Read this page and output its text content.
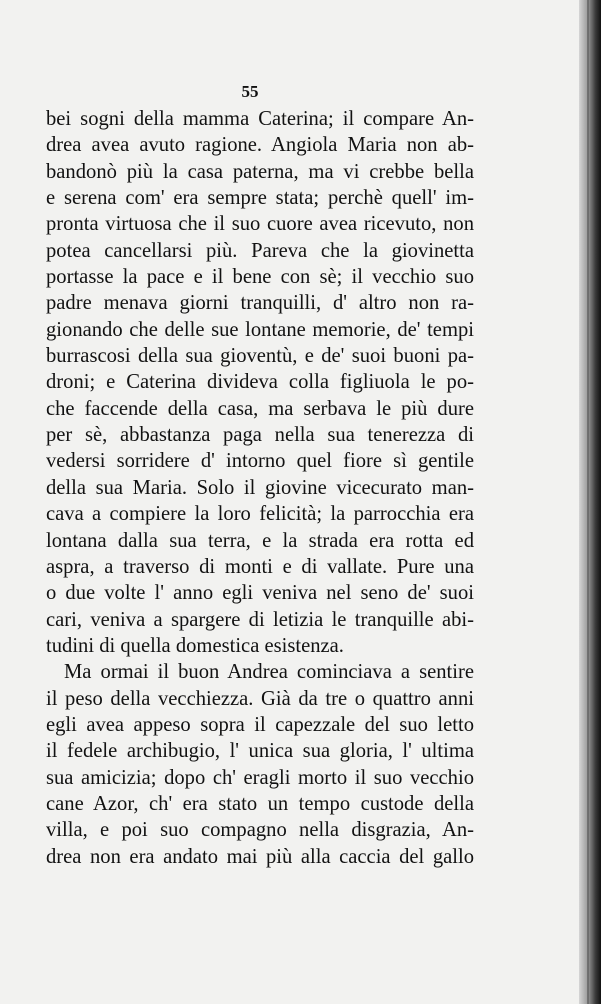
55
bei sogni della mamma Caterina; il compare An-
drea avea avuto ragione. Angiola Maria non ab-
bandonò più la casa paterna, ma vi crebbe bella
e serena com' era sempre stata; perchè quell' im-
pronta virtuosa che il suo cuore avea ricevuto, non
potea cancellarsi più. Pareva che la giovinetta
portasse la pace e il bene con sè; il vecchio suo
padre menava giorni tranquilli, d' altro non ra-
gionando che delle sue lontane memorie, de' tempi
burrascosi della sua gioventù, e de' suoi buoni pa-
droni; e Caterina divideva colla figliuola le po-
che faccende della casa, ma serbava le più dure
per sè, abbastanza paga nella sua tenerezza di
vedersi sorridere d' intorno quel fiore sì gentile
della sua Maria. Solo il giovine vicecurato man-
cava a compiere la loro felicità; la parrocchia era
lontana dalla sua terra, e la strada era rotta ed
aspra, a traverso di monti e di vallate. Pure una
o due volte l' anno egli veniva nel seno de' suoi
cari, veniva a spargere di letizia le tranquille abi-
tudini di quella domestica esistenza.
Ma ormai il buon Andrea cominciava a sentire
il peso della vecchiezza. Già da tre o quattro anni
egli avea appeso sopra il capezzale del suo letto
il fedele archibugio, l' unica sua gloria, l' ultima
sua amicizia; dopo ch' eragli morto il suo vecchio
cane Azor, ch' era stato un tempo custode della
villa, e poi suo compagno nella disgrazia, An-
drea non era andato mai più alla caccia del gallo
